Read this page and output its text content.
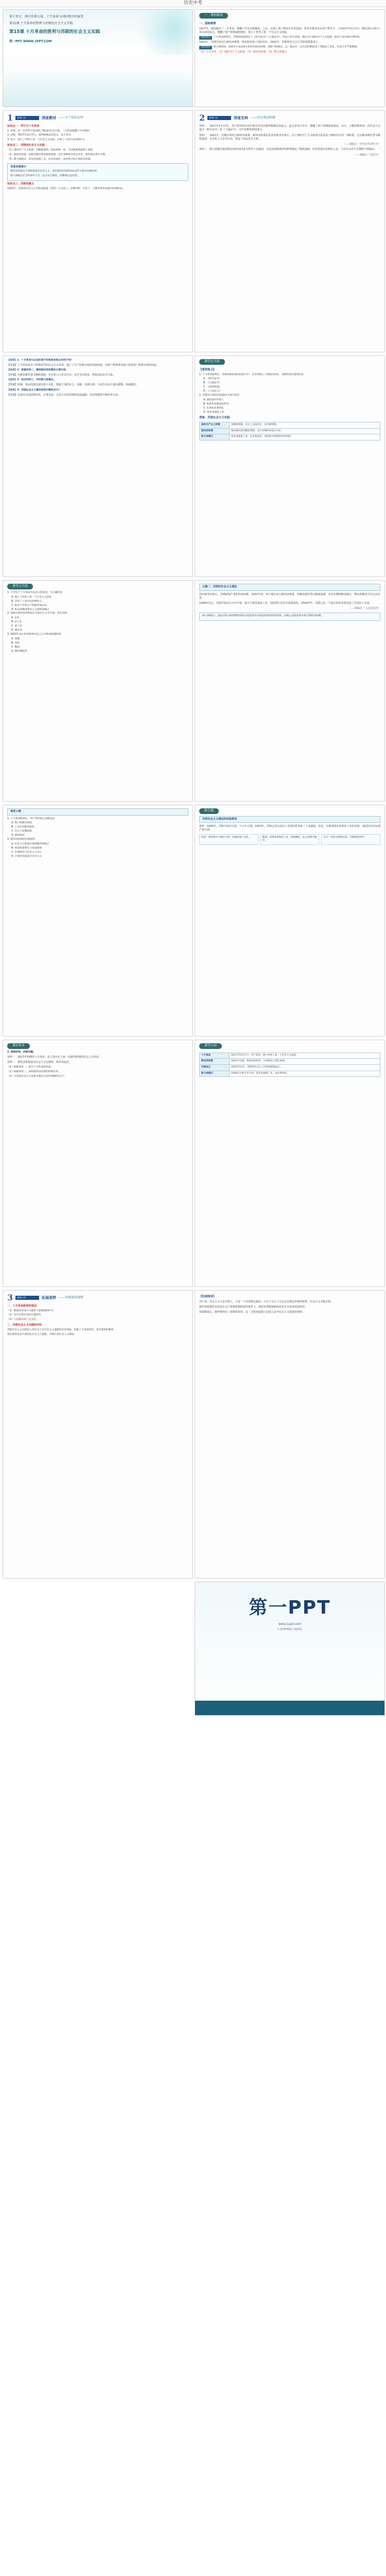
历史中考
第七单元　两次世界大战、十月革命与国际秩序的演变
第15课 十月革命的胜利与苏联的社会主义实践
第15课 十月革命的胜利与苏联的社会主义实践
第一PPT WWW.1PPT.COM
一　课标解读
一、基础梳理
1917年，俄国爆发了二月革命，推翻了沙皇专制统治。之后，出现了两个政权并存的局面，布尔什维克党在列宁领导下，于1917年11月7日（俄历10月25日）发动武装起义，推翻了资产阶级临时政府，建立了世界上第一个社会主义国家。
知识点1 十月革命胜利后，苏维埃政权颁布了《和平法令》《土地法令》，巩固了新生政权。随后实行战时共产主义政策，取得了国内战争的胜利。
1921年，苏俄开始实行新经济政策，恢复和发展了国民经济。1922年，苏维埃社会主义共和国联盟成立。
知识点2 斯大林时期，苏联实行高度集中的经济政治体制，即斯大林模式。这一模式在一定历史时期推动了苏联的工业化，但也存在严重弊端。
（1）十月革命　（2）战时共产主义政策　（3）新经济政策　（4）斯大林模式
1	微课小结	深度教材 ——主干知识记牢
知识点一：列宁与十月革命
1. 背景：第一次世界大战加剧了俄国的社会矛盾，二月革命推翻了沙皇统治。
2. 过程：1917年11月7日，彼得格勒武装起义，攻占冬宫。
3. 意义：建立了世界上第一个社会主义国家，开辟了人类历史的新纪元。
知识点二：苏联的社会主义实践
（1）战时共产主义政策：余粮收集制，国家控制一切，为内战胜利提供了保障。
（2）新经济政策：以粮食税代替余粮收集制，允许多种经济成分并存，利用商品货币关系。
（3）斯大林模式：优先发展重工业，农业集体化，高度集中的计划经济体制。
易混易错提示
新经济政策并不意味着放弃社会主义，而是利用市场和商品货币关系来发展经济。
斯大林模式在当时条件下有一定历史合理性，但弊端日益显现。
知识点三：苏联的建立
1922年，苏维埃社会主义共和国联盟（苏联）正式成立，由俄罗斯、乌克兰、白俄罗斯等加盟共和国组成。
2	微课小结	深度史料 ——历史观念构建
材料一　1917年11月7日，列宁领导的布尔什维克党发动彼得格勒武装起义，起义者攻占冬宫，推翻了资产阶级临时政府。次日，全俄苏维埃第二次代表大会通过《和平法令》和《土地法令》，宣告苏维埃政权建立。
材料二　1921年，苏俄开始实行新经济政策。新经济政策是在国内战争结束后，由于战时共产主义政策引起农民不满而实行的一项政策，它以粮食税代替余粮收集制，允许私人小企业存在，恢复了商品货币关系。
——摘编自《世界近代现代史》
材料三　斯大林模式使苏联在短时间内成为世界工业强国，为反法西斯战争的胜利奠定了物质基础，但其忽视农业和轻工业，人民生活水平长期得不到提高。
——摘编自《苏联史》
【设问】1：十月革命与以往的资产阶级革命相比有何不同？
【答案】十月革命是无产阶级领导的社会主义革命，建立了无产阶级专政的国家政权，而资产阶级革命建立的是资产阶级专政的国家。
【设问】2：根据材料二，概括新经济政策的主要内容。
【答案】以粮食税代替余粮收集制；允许私人小企业存在；允许自由贸易，恢复商品货币关系。
【设问】3：结合材料三，评价斯大林模式。
【答案】积极：推动苏联迅速实现工业化，增强了国防实力。消极：比例失调，人民生活水平提高缓慢，体制僵化。
【设问】4：苏联社会主义建设给我们哪些启示？
【答案】必须从本国国情出发，实事求是，走符合本国国情的发展道路；经济体制要不断改革完善。
课堂过关练
【课堂练习】
1. 十月革命胜利后，苏维埃政权颁布的法令中，宣布将地主土地收归国有、分配给农民使用的是
A. 《和平法令》
B. 《土地法令》
C. 《权利法案》
D. 《人权宣言》
2. 苏俄实行新经济政策的主要目的是
A. 战胜国内外敌人
B. 恢复和发展国民经济
C. 实现农业集体化
D. 优先发展重工业
表格：苏联社会主义实践
战时共产主义政策	余粮收集制，实行工业国有化，实行配给制。
新经济政策	粮食税代替余粮收集制，允许多种经济成分并存。
斯大林模式	优先发展重工业，农业集体化，高度集中的政治经济体制。
课堂过关练
1. 下列关于十月革命历史意义的叙述，不正确的是
A. 建立了世界上第一个社会主义国家
B. 开辟了人类历史的新纪元
C. 推动了世界无产阶级革命运动
D. 标志着俄国资本主义制度的确立
2. 苏联在国民经济恢复后开始实行五年计划，优先发展
A. 农业
B. 轻工业
C. 重工业
D. 服务业
3. 1922年成立的苏维埃社会主义共和国联盟简称
A. 苏俄
B. 苏联
C. 俄国
D. 俄罗斯联邦
主题二：苏联的社会主义建设
国内战争结束后，苏俄面临严重的经济困难。1921年春，列宁提出实行新经济政策，用粮食税代替余粮收集制，农民在缴纳粮食税后，剩余的粮食可以自由出售。
1928年以后，苏联开始实行五年计划，集中力量发展重工业，同时推行农业全盘集体化。到1937年，苏联已由一个落后的农业国变成了先进的工业国。
——摘编自《人民的选择》
斯大林模式：是指在斯大林时期形成的以高度集中为特征的政治经济体制，其核心是高度集中的计划经济体制。
课堂小测
1. 十月革命胜利后，列宁领导建立的政权是
A. 资产阶级共和国
B. 工农兵苏维埃政权
C. 君主立宪制政权
D. 临时政府
2. 新经济政策的实施说明
A. 社会主义建设必须照搬苏联模式
B. 经济政策要符合本国国情
C. 市场经济与社会主义对立
D. 计划经济最适合社会主义
微专题
苏联社会主义建设的经验教训
材料：1928年，苏联开始实行第一个五年计划。1933年，苏联已成为仅次于美国的世界第二工业强国。但是，长期忽视农业和轻工业的发展，使国民经济比例严重失调。
经验：国家集中力量办大事，迅速实现工业化。	教训：忽视农业和轻工业，体制僵化，民主法制不健全。
启示：坚持从国情出发，不断推进改革。
课后作业
1. 阅读材料，回答问题。
材料一　1917年的俄国十月革命，是人类历史上第一次取得胜利的社会主义革命。
材料二　新经济政策是向社会主义过渡的一种有效途径。
（1）根据材料一，指出十月革命的性质。
（2）根据材料二，说明新经济政策的积极作用。
（3）从苏联社会主义实践中我们可以得到哪些启示？
课堂小结
十月革命	1917年11月7日，列宁领导，建立世界上第一个社会主义国家。
新经济政策	1921年实施，恢复国民经济，为苏联成立奠定基础。
苏联成立	1922年12月，苏维埃社会主义共和国联盟成立。
斯大林模式	1928年开始五年计划，优先发展重工业，农业集体化。
3	微课小结	拓展视野 ——多维视角探析
一、十月革命胜利的原因
（1）俄国是帝国主义链条上最薄弱的环节。
（2）布尔什维克党的正确领导。
（3）人民群众的广泛支持。
二、苏联社会主义实践的评价
苏联社会主义实践是人类历史上对社会主义道路的首次探索，积累了丰富的经验，也有深刻的教训。
我们要坚持走中国特色社会主义道路，不断完善社会主义制度。
【拓展阅读】
列宁说：社会主义不是少数人，不是一个党所能实施的，只有千百万人学会亲自做这件事的时候，社会主义才能实现。
新经济政策的实质是在无产阶级掌握政权的条件下，利用市场机制和商品货币关系来发展经济。
苏联解体后，俄罗斯经历了艰难的转型，这一过程也促使人们深入思考社会主义建设的规律。
第一PPT
www.1ppt.com
专业PPT模板下载网站
